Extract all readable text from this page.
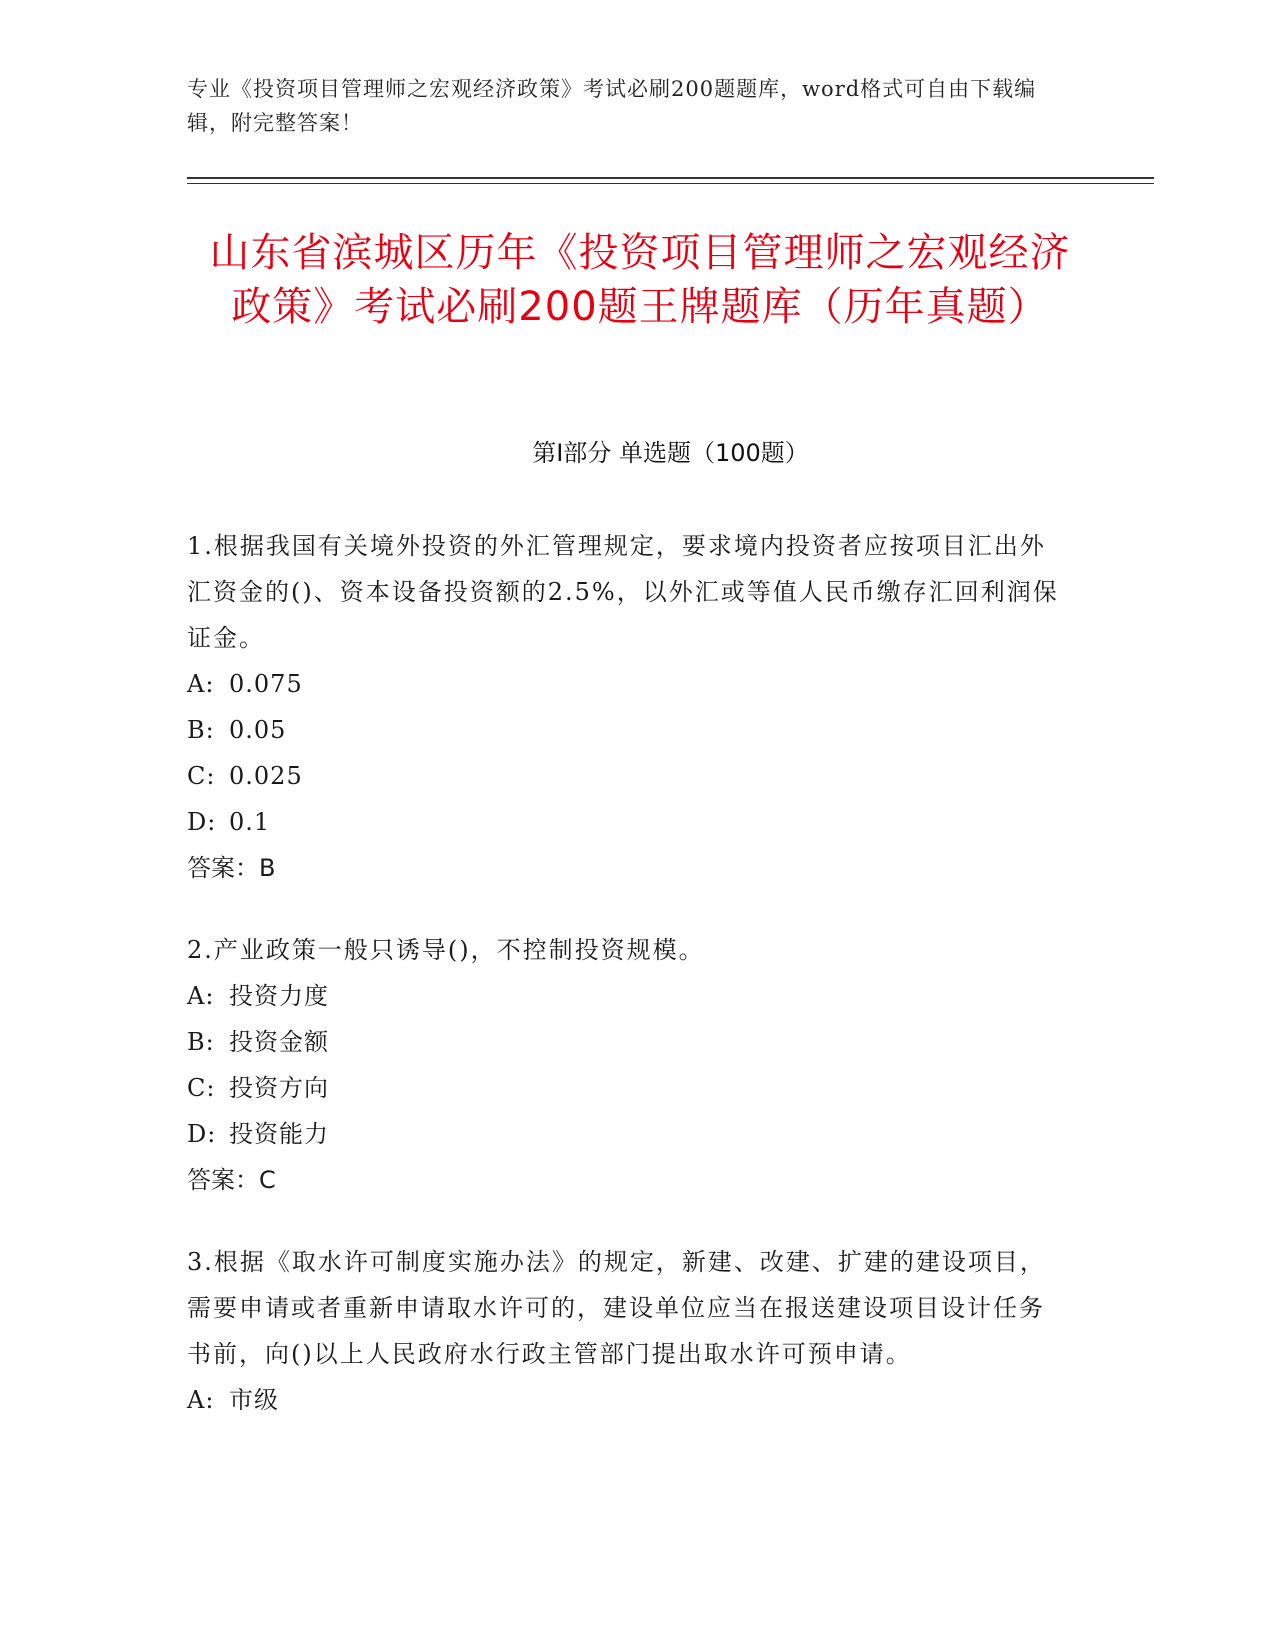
专业《投资项目管理师之宏观经济政策》考试必刷200题题库，word格式可自由下载编辑，附完整答案！
山东省滨城区历年《投资项目管理师之宏观经济政策》考试必刷200题王牌题库（历年真题）
第I部分 单选题（100题）
1.根据我国有关境外投资的外汇管理规定，要求境内投资者应按项目汇出外汇资金的()、资本设备投资额的2.5%，以外汇或等值人民币缴存汇回利润保证金。
A: 0.075
B: 0.05
C: 0.025
D: 0.1
答案：B
2.产业政策一般只诱导()，不控制投资规模。
A: 投资力度
B: 投资金额
C: 投资方向
D: 投资能力
答案：C
3.根据《取水许可制度实施办法》的规定，新建、改建、扩建的建设项目，需要申请或者重新申请取水许可的，建设单位应当在报送建设项目设计任务书前，向()以上人民政府水行政主管部门提出取水许可预申请。
A: 市级
